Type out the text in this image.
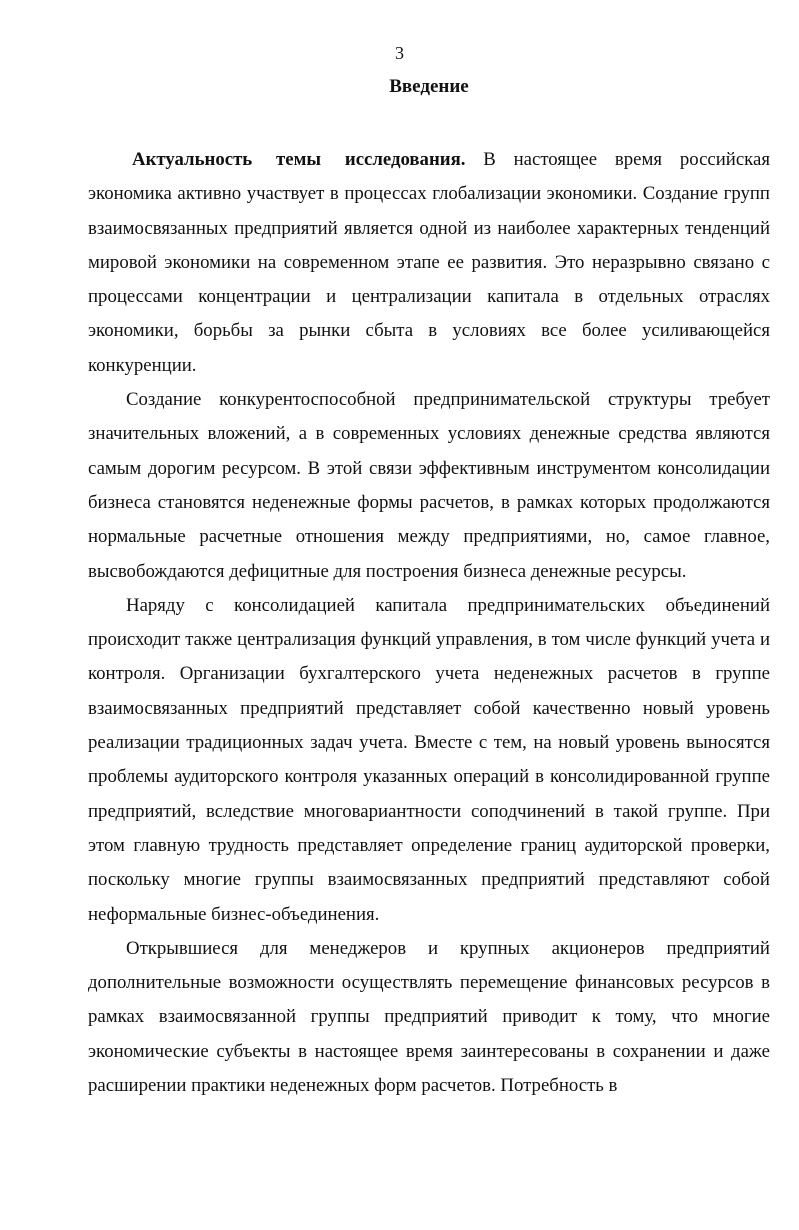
3
Введение

Актуальность темы исследования. В настоящее время российская экономика активно участвует в процессах глобализации экономики. Создание групп взаимосвязанных предприятий является одной из наиболее характерных тенденций мировой экономики на современном этапе ее развития. Это неразрывно связано с процессами концентрации и централизации капитала в отдельных отраслях экономики, борьбы за рынки сбыта в условиях все более усиливающейся конкуренции.

Создание конкурентоспособной предпринимательской структуры требует значительных вложений, а в современных условиях денежные средства являются самым дорогим ресурсом. В этой связи эффективным инструментом консолидации бизнеса становятся неденежные формы расчетов, в рамках которых продолжаются нормальные расчетные отношения между предприятиями, но, самое главное, высвобождаются дефицитные для построения бизнеса денежные ресурсы.

Наряду с консолидацией капитала предпринимательских объединений происходит также централизация функций управления, в том числе функций учета и контроля. Организации бухгалтерского учета неденежных расчетов в группе взаимосвязанных предприятий представляет собой качественно новый уровень реализации традиционных задач учета. Вместе с тем, на новый уровень выносятся проблемы аудиторского контроля указанных операций в консолидированной группе предприятий, вследствие многовариантности соподчинений в такой группе. При этом главную трудность представляет определение границ аудиторской проверки, поскольку многие группы взаимосвязанных предприятий представляют собой неформальные бизнес-объединения.

Открывшиеся для менеджеров и крупных акционеров предприятий дополнительные возможности осуществлять перемещение финансовых ресурсов в рамках взаимосвязанной группы предприятий приводит к тому, что многие экономические субъекты в настоящее время заинтересованы в сохранении и даже расширении практики неденежных форм расчетов. Потребность в
